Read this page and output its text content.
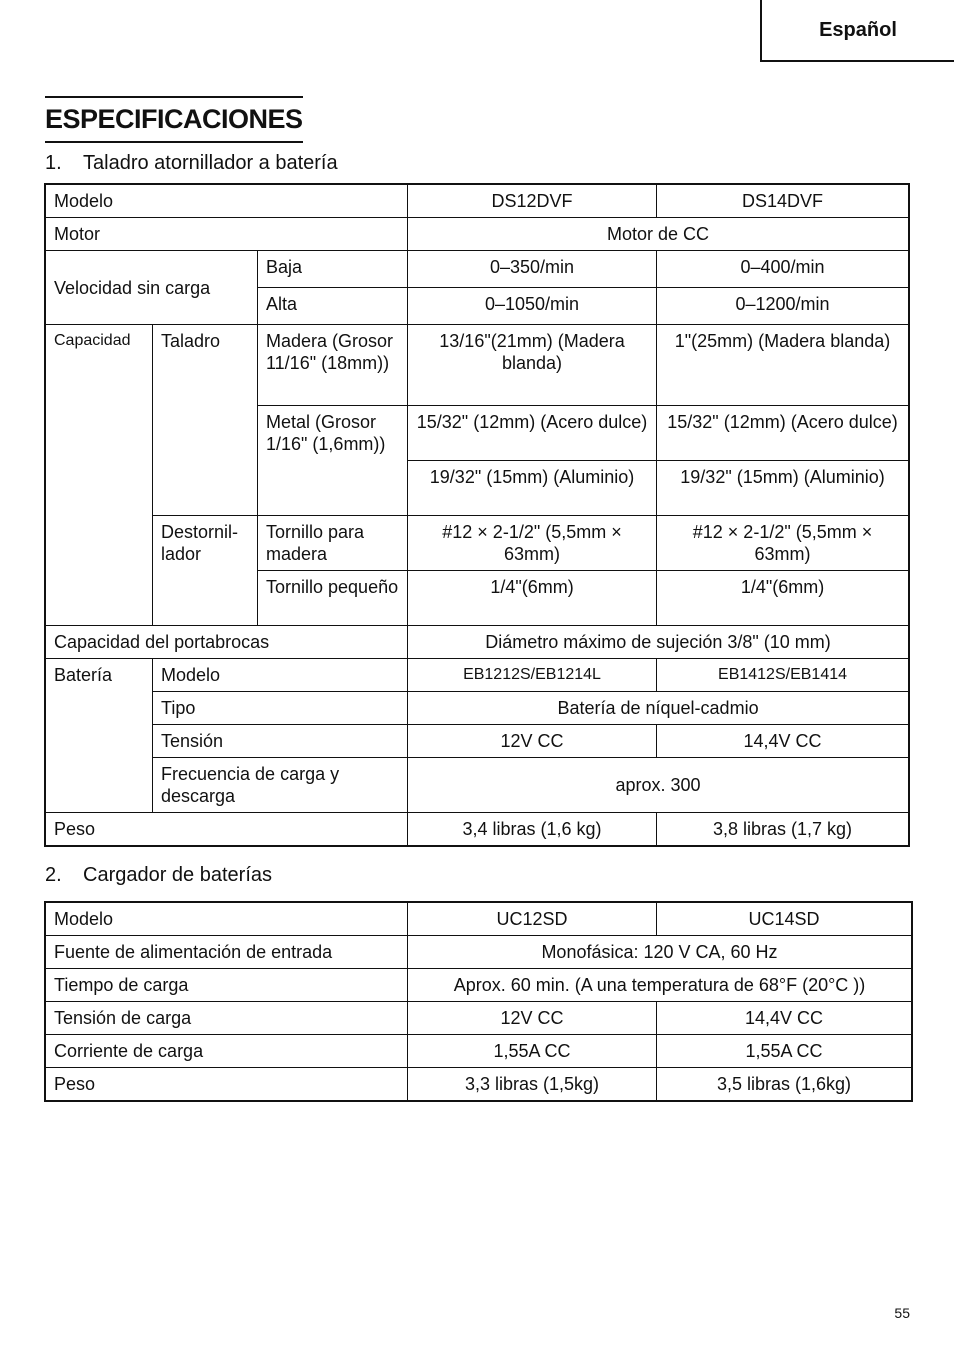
Español
ESPECIFICACIONES
1. Taladro atornillador a batería
Modelo			DS12DVF	DS14DVF
Motor			Motor de CC	
Velocidad sin carga		Baja	0–350/min	0–400/min
		Alta	0–1050/min	0–1200/min
Capacidad	Taladro	Madera (Grosor 11/16" (18mm))	13/16"(21mm) (Madera blanda)	1"(25mm) (Madera blanda)
		Metal (Grosor 1/16" (1,6mm))	15/32" (12mm) (Acero dulce)	15/32" (12mm) (Acero dulce)
			19/32" (15mm) (Aluminio)	19/32" (15mm) (Aluminio)
	Destornil- lador	Tornillo para madera	#12 × 2-1/2" (5,5mm × 63mm)	#12 × 2-1/2" (5,5mm × 63mm)
		Tornillo pequeño	1/4"(6mm)	1/4"(6mm)
Capacidad del portabrocas			Diámetro máximo de sujeción 3/8" (10 mm)	
Batería	Modelo		EB1212S/EB1214L	EB1412S/EB1414
	Tipo		Batería de níquel-cadmio	
	Tensión		12V CC	14,4V CC
	Frecuencia de carga y descarga		aprox. 300	
Peso			3,4 libras (1,6 kg)	3,8 libras (1,7 kg)
2. Cargador de baterías
Modelo	UC12SD	UC14SD
Fuente de alimentación de entrada	Monofásica: 120 V CA, 60 Hz	
Tiempo de carga	Aprox. 60 min. (A una temperatura de 68°F (20°C ))	
Tensión de carga	12V CC	14,4V CC
Corriente de carga	1,55A CC	1,55A CC
Peso	3,3 libras (1,5kg)	3,5 libras (1,6kg)
55
